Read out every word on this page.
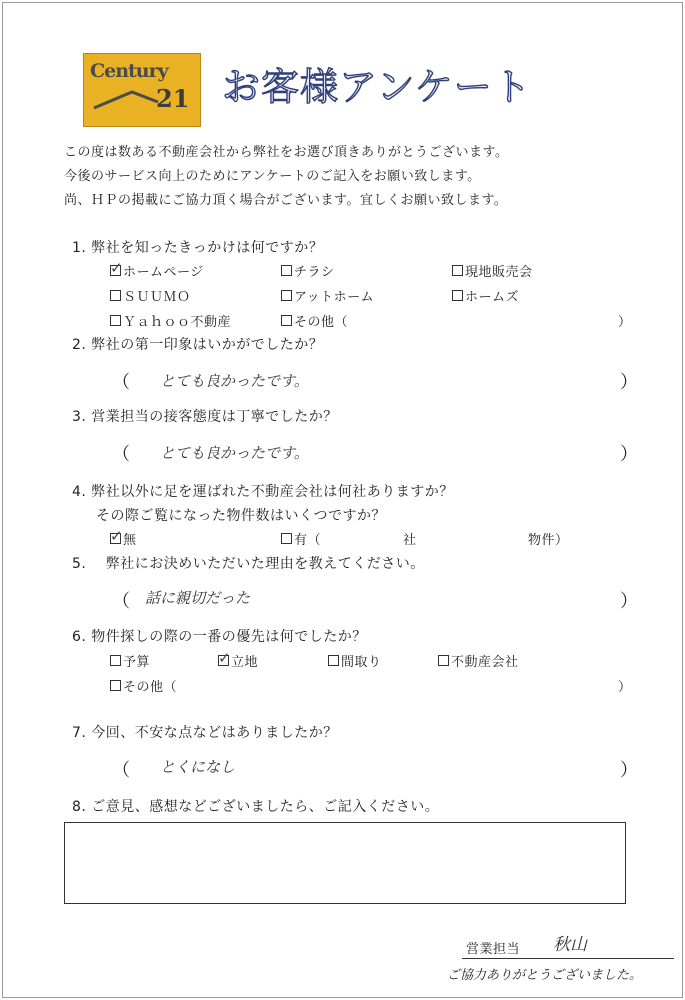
Century
21 お客様アンケート
この度は数ある不動産会社から弊社をお選び頂きありがとうございます。
今後のサービス向上のためにアンケートのご記入をお願い致します。
尚、ＨＰの掲載にご協力頂く場合がございます。宜しくお願い致します。
1. 弊社を知ったきっかけは何ですか？
✓ ホームページ	チラシ	現地販売会
ＳＵＵＭＯ	アットホーム	ホームズ
Ｙａｈｏｏ不動産	その他（	）
2. 弊社の第一印象はいかがでしたか？
（ とても良かったです。	）
3. 営業担当の接客態度は丁寧でしたか？
（ とても良かったです。	）
4. 弊社以外に足を運ばれた不動産会社は何社ありますか？
その際ご覧になった物件数はいくつですか？
✓ 無	有（	社	物件）
5. 　弊社にお決めいただいた理由を教えてください。
（ 話に親切だった	）
6. 物件探しの際の一番の優先は何でしたか？
予算	✓ 立地	間取り	不動産会社
その他（	）
7. 今回、不安な点などはありましたか？
（ とくになし	）
8. ご意見、感想などございましたら、ご記入ください。
営業担当 秋山
ご協力ありがとうございました。
